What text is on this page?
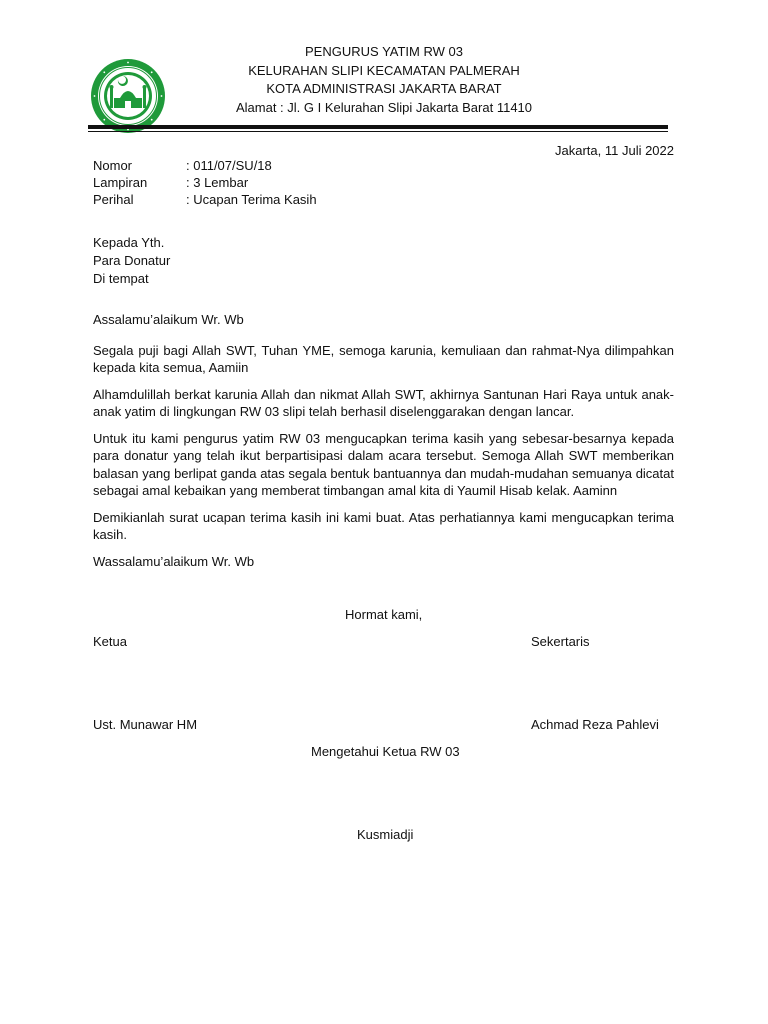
PENGURUS YATIM RW 03
KELURAHAN SLIPI KECAMATAN PALMERAH
KOTA ADMINISTRASI JAKARTA BARAT
Alamat : Jl. G I Kelurahan Slipi Jakarta Barat 11410
Jakarta, 11 Juli 2022
Nomor	: 011/07/SU/18
Lampiran	: 3 Lembar
Perihal	: Ucapan Terima Kasih
Kepada Yth.
Para Donatur
Di tempat

Assalamu’alaikum Wr. Wb

Segala puji bagi Allah SWT, Tuhan YME, semoga karunia, kemuliaan dan rahmat-Nya dilimpahkan kepada kita semua, Aamiin

Alhamdulillah berkat karunia Allah dan nikmat Allah SWT, akhirnya Santunan Hari Raya untuk anak-anak yatim di lingkungan RW 03 slipi telah berhasil diselenggarakan dengan lancar.

Untuk itu kami pengurus yatim RW 03 mengucapkan terima kasih yang sebesar-besarnya kepada para donatur yang telah ikut berpartisipasi dalam acara tersebut. Semoga Allah SWT memberikan balasan yang berlipat ganda atas segala bentuk bantuannya dan mudah-mudahan semuanya dicatat sebagai amal kebaikan yang memberat timbangan amal kita di Yaumil Hisab kelak. Aaminn

Demikianlah surat ucapan terima kasih ini kami buat. Atas perhatiannya kami mengucapkan terima kasih.

Wassalamu’alaikum Wr. Wb

Hormat kami,
Ketua	Sekertaris
Ust. Munawar HM	Achmad Reza Pahlevi
Mengetahui Ketua RW 03
Kusmiadji
